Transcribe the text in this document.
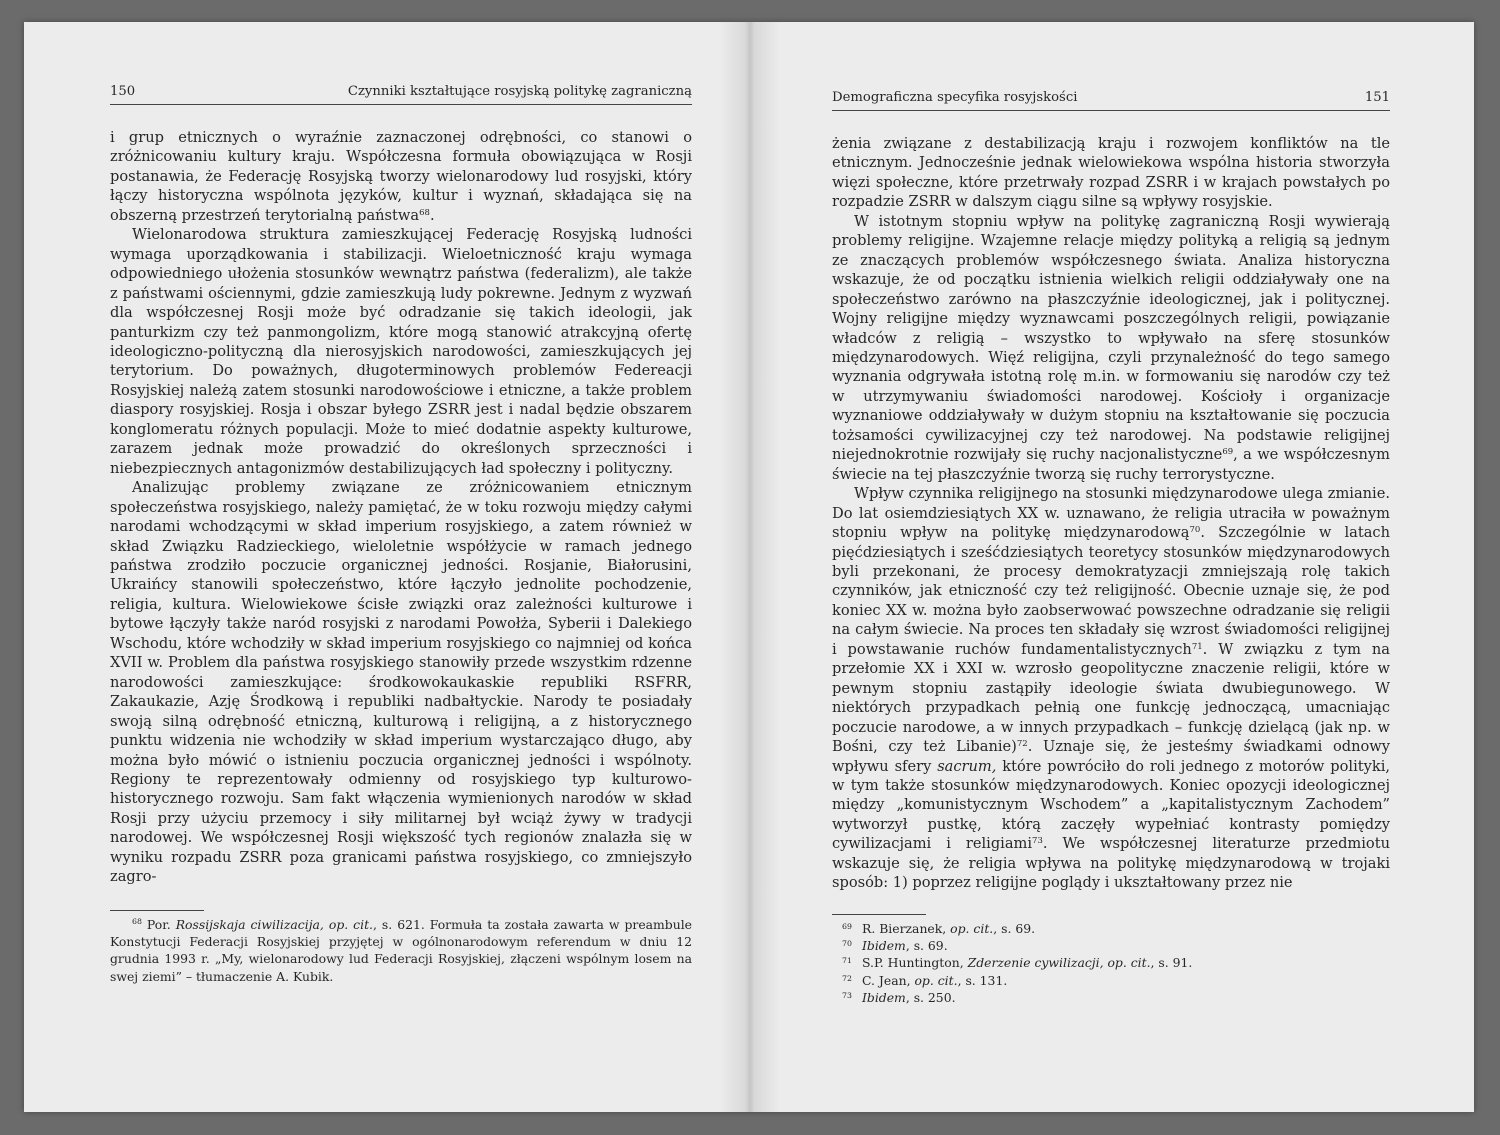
150	Czynniki kształtujące rosyjską politykę zagraniczną

i grup etnicznych o wyraźnie zaznaczonej odrębności, co stanowi o zróżnicowaniu kultury kraju. Współczesna formuła obowiązująca w Rosji postanawia, że Federację Rosyjską tworzy wielonarodowy lud rosyjski, który łączy historyczna wspólnota języków, kultur i wyznań, składająca się na obszerną przestrzeń terytorialną państwa$^{68}$.

Wielonarodowa struktura zamieszkującej Federację Rosyjską ludności wymaga uporządkowania i stabilizacji. Wieloetniczność kraju wymaga odpowiedniego ułożenia stosunków wewnątrz państwa (federalizm), ale także z państwami ościennymi, gdzie zamieszkują ludy pokrewne. Jednym z wyzwań dla współczesnej Rosji może być odradzanie się takich ideologii, jak panturkizm czy też panmongolizm, które mogą stanowić atrakcyjną ofertę ideologiczno-polityczną dla nierosyjskich narodowości, zamieszkujących jej terytorium. Do poważnych, długoterminowych problemów Federeacji Rosyjskiej należą zatem stosunki narodowościowe i etniczne, a także problem diaspory rosyjskiej. Rosja i obszar byłego ZSRR jest i nadal będzie obszarem konglomeratu różnych populacji. Może to mieć dodatnie aspekty kulturowe, zarazem jednak może prowadzić do określonych sprzeczności i niebezpiecznych antagonizmów destabilizujących ład społeczny i polityczny.

Analizując problemy związane ze zróżnicowaniem etnicznym społeczeństwa rosyjskiego, należy pamiętać, że w toku rozwoju między całymi narodami wchodzącymi w skład imperium rosyjskiego, a zatem również w skład Związku Radzieckiego, wieloletnie współżycie w ramach jednego państwa zrodziło poczucie organicznej jedności. Rosjanie, Białorusini, Ukraińcy stanowili społeczeństwo, które łączyło jednolite pochodzenie, religia, kultura. Wielowiekowe ścisłe związki oraz zależności kulturowe i bytowe łączyły także naród rosyjski z narodami Powołża, Syberii i Dalekiego Wschodu, które wchodziły w skład imperium rosyjskiego co najmniej od końca XVII w. Problem dla państwa rosyjskiego stanowiły przede wszystkim rdzenne narodowości zamieszkujące: środkowokaukaskie republiki RSFRR, Zakaukazie, Azję Środkową i republiki nadbałtyckie. Narody te posiadały swoją silną odrębność etniczną, kulturową i religijną, a z historycznego punktu widzenia nie wchodziły w skład imperium wystarczająco długo, aby można było mówić o istnieniu poczucia organicznej jedności i wspólnoty. Regiony te reprezentowały odmienny od rosyjskiego typ kulturowo-historycznego rozwoju. Sam fakt włączenia wymienionych narodów w skład Rosji przy użyciu przemocy i siły militarnej był wciąż żywy w tradycji narodowej. We współczesnej Rosji większość tych regionów znalazła się w wyniku rozpadu ZSRR poza granicami państwa rosyjskiego, co zmniejszyło zagro-

$^{68}$ Por. Rossijskaja ciwilizacija, op. cit., s. 621. Formuła ta została zawarta w preambule Konstytucji Federacji Rosyjskiej przyjętej w ogólnonarodowym referendum w dniu 12 grudnia 1993 r. „My, wielonarodowy lud Federacji Rosyjskiej, złączeni wspólnym losem na swej ziemi” – tłumaczenie A. Kubik.

Demograficzna specyfika rosyjskości	151

żenia związane z destabilizacją kraju i rozwojem konfliktów na tle etnicznym. Jednocześnie jednak wielowiekowa wspólna historia stworzyła więzi społeczne, które przetrwały rozpad ZSRR i w krajach powstałych po rozpadzie ZSRR w dalszym ciągu silne są wpływy rosyjskie.

W istotnym stopniu wpływ na politykę zagraniczną Rosji wywierają problemy religijne. Wzajemne relacje między polityką a religią są jednym ze znaczących problemów współczesnego świata. Analiza historyczna wskazuje, że od początku istnienia wielkich religii oddziaływały one na społeczeństwo zarówno na płaszczyźnie ideologicznej, jak i politycznej. Wojny religijne między wyznawcami poszczególnych religii, powiązanie władców z religią – wszystko to wpływało na sferę stosunków międzynarodowych. Więź religijna, czyli przynależność do tego samego wyznania odgrywała istotną rolę m.in. w formowaniu się narodów czy też w utrzymywaniu świadomości narodowej. Kościoły i organizacje wyznaniowe oddziaływały w dużym stopniu na kształtowanie się poczucia tożsamości cywilizacyjnej czy też narodowej. Na podstawie religijnej niejednokrotnie rozwijały się ruchy nacjonalistyczne$^{69}$, a we współczesnym świecie na tej płaszczyźnie tworzą się ruchy terrorystyczne.

Wpływ czynnika religijnego na stosunki międzynarodowe ulega zmianie. Do lat osiemdziesiątych XX w. uznawano, że religia utraciła w poważnym stopniu wpływ na politykę międzynarodową$^{70}$. Szczególnie w latach pięćdziesiątych i sześćdziesiątych teoretycy stosunków międzynarodowych byli przekonani, że procesy demokratyzacji zmniejszają rolę takich czynników, jak etniczność czy też religijność. Obecnie uznaje się, że pod koniec XX w. można było zaobserwować powszechne odradzanie się religii na całym świecie. Na proces ten składały się wzrost świadomości religijnej i powstawanie ruchów fundamentalistycznych$^{71}$. W związku z tym na przełomie XX i XXI w. wzrosło geopolityczne znaczenie religii, które w pewnym stopniu zastąpiły ideologie świata dwubiegunowego. W niektórych przypadkach pełnią one funkcję jednoczącą, umacniając poczucie narodowe, a w innych przypadkach – funkcję dzielącą (jak np. w Bośni, czy też Libanie)$^{72}$. Uznaje się, że jesteśmy świadkami odnowy wpływu sfery sacrum, które powróciło do roli jednego z motorów polityki, w tym także stosunków międzynarodowych. Koniec opozycji ideologicznej między „komunistycznym Wschodem” a „kapitalistycznym Zachodem” wytworzył pustkę, którą zaczęły wypełniać kontrasty pomiędzy cywilizacjami i religiami$^{73}$. We współczesnej literaturze przedmiotu wskazuje się, że religia wpływa na politykę międzynarodową w trojaki sposób: 1) poprzez religijne poglądy i ukształtowany przez nie

69 R. Bierzanek, op. cit., s. 69.

70 Ibidem, s. 69.

71 S.P. Huntington, Zderzenie cywilizacji, op. cit., s. 91.

72 C. Jean, op. cit., s. 131.

73 Ibidem, s. 250.
